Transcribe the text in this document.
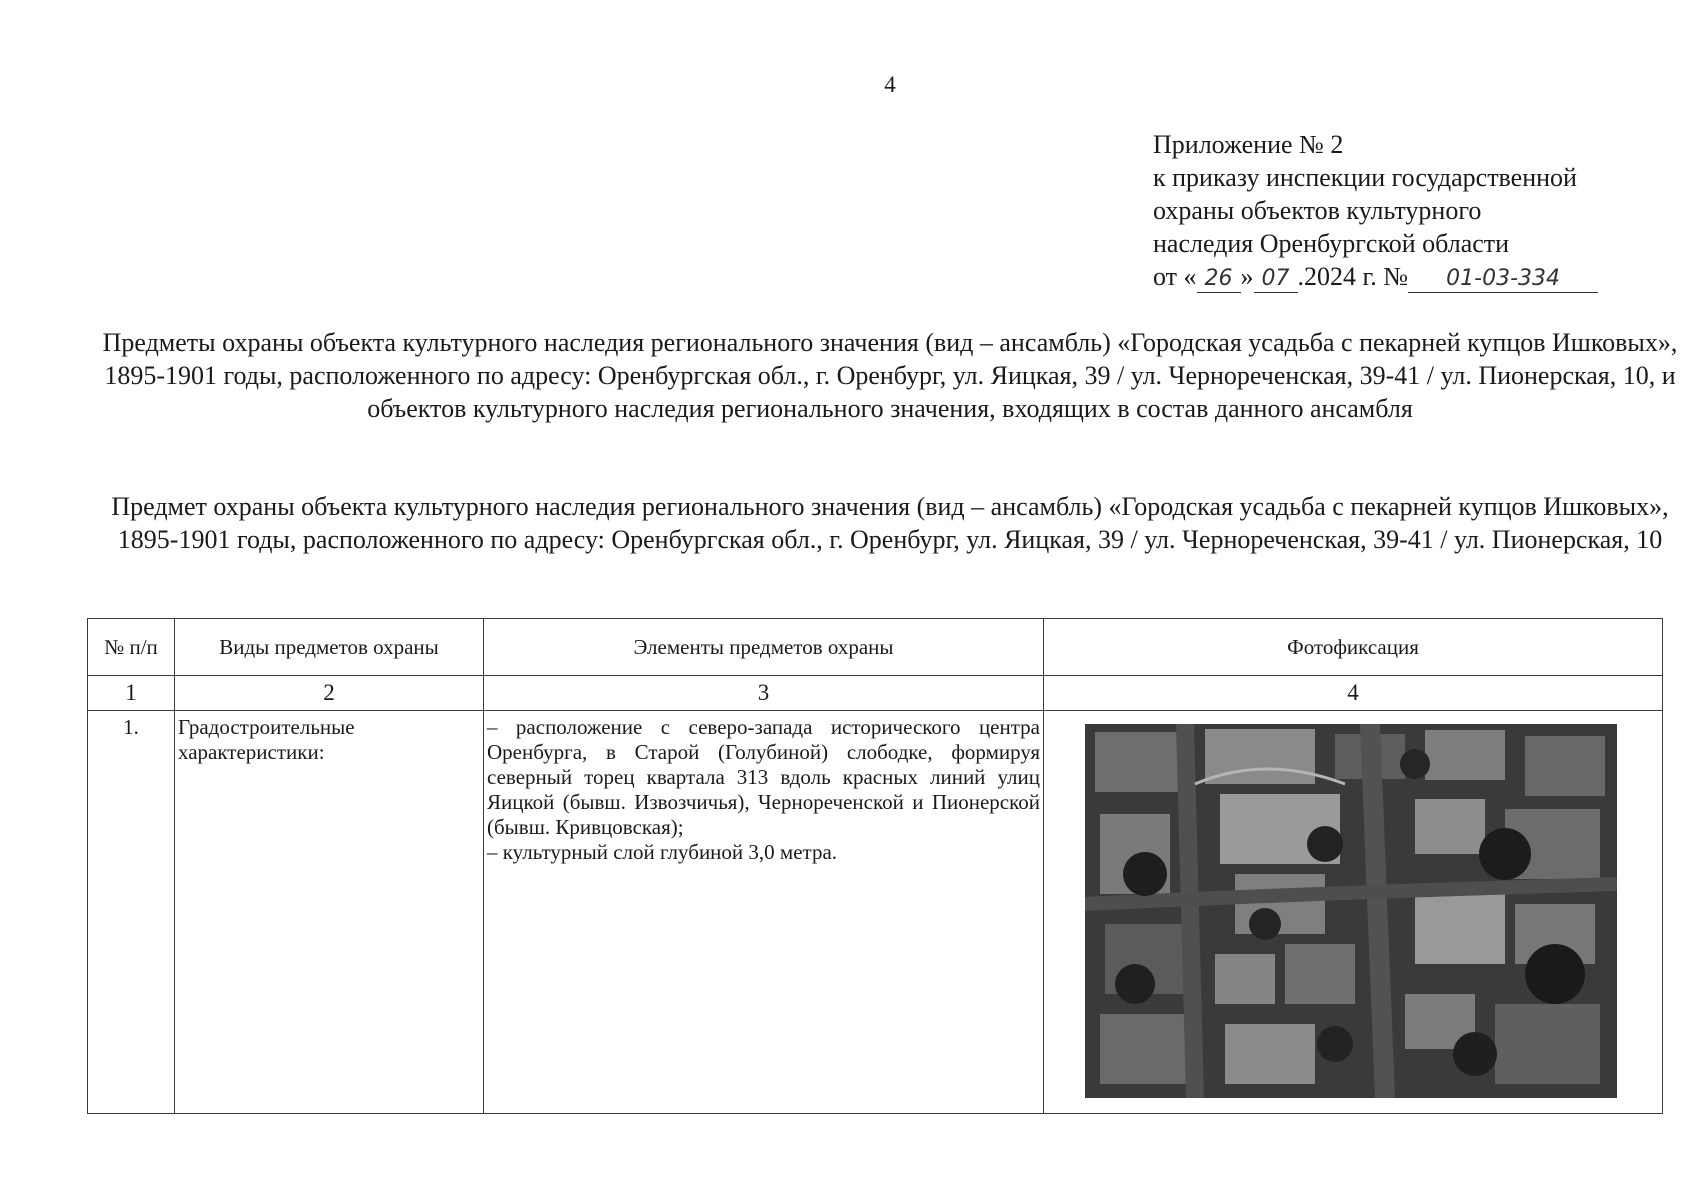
4
Приложение № 2
к приказу инспекции государственной
охраны объектов культурного
наследия Оренбургской области
от « 26 » 07 .2024 г. № 01-03-334
Предметы охраны объекта культурного наследия регионального значения (вид – ансамбль) «Городская усадьба с пекарней купцов Ишковых», 1895-1901 годы, расположенного по адресу: Оренбургская обл., г. Оренбург, ул. Яицкая, 39 / ул. Чернореченская, 39-41 / ул. Пионерская, 10, и объектов культурного наследия регионального значения, входящих в состав данного ансамбля
Предмет охраны объекта культурного наследия регионального значения (вид – ансамбль) «Городская усадьба с пекарней купцов Ишковых», 1895-1901 годы, расположенного по адресу: Оренбургская обл., г. Оренбург, ул. Яицкая, 39 / ул. Чернореченская, 39-41 / ул. Пионерская, 10
№ п/п	Виды предметов охраны	Элементы предметов охраны	Фотофиксация
1	2	3	4
1.	Градостроительные характеристики:	– расположение с северо-запада исторического центра Оренбурга, в Старой (Голубиной) слободке, формируя северный торец квартала 313 вдоль красных линий улиц Яицкой (бывш. Извозчичья), Чернореченской и Пионерской (бывш. Кривцовская);

– культурный слой глубиной 3,0 метра.
